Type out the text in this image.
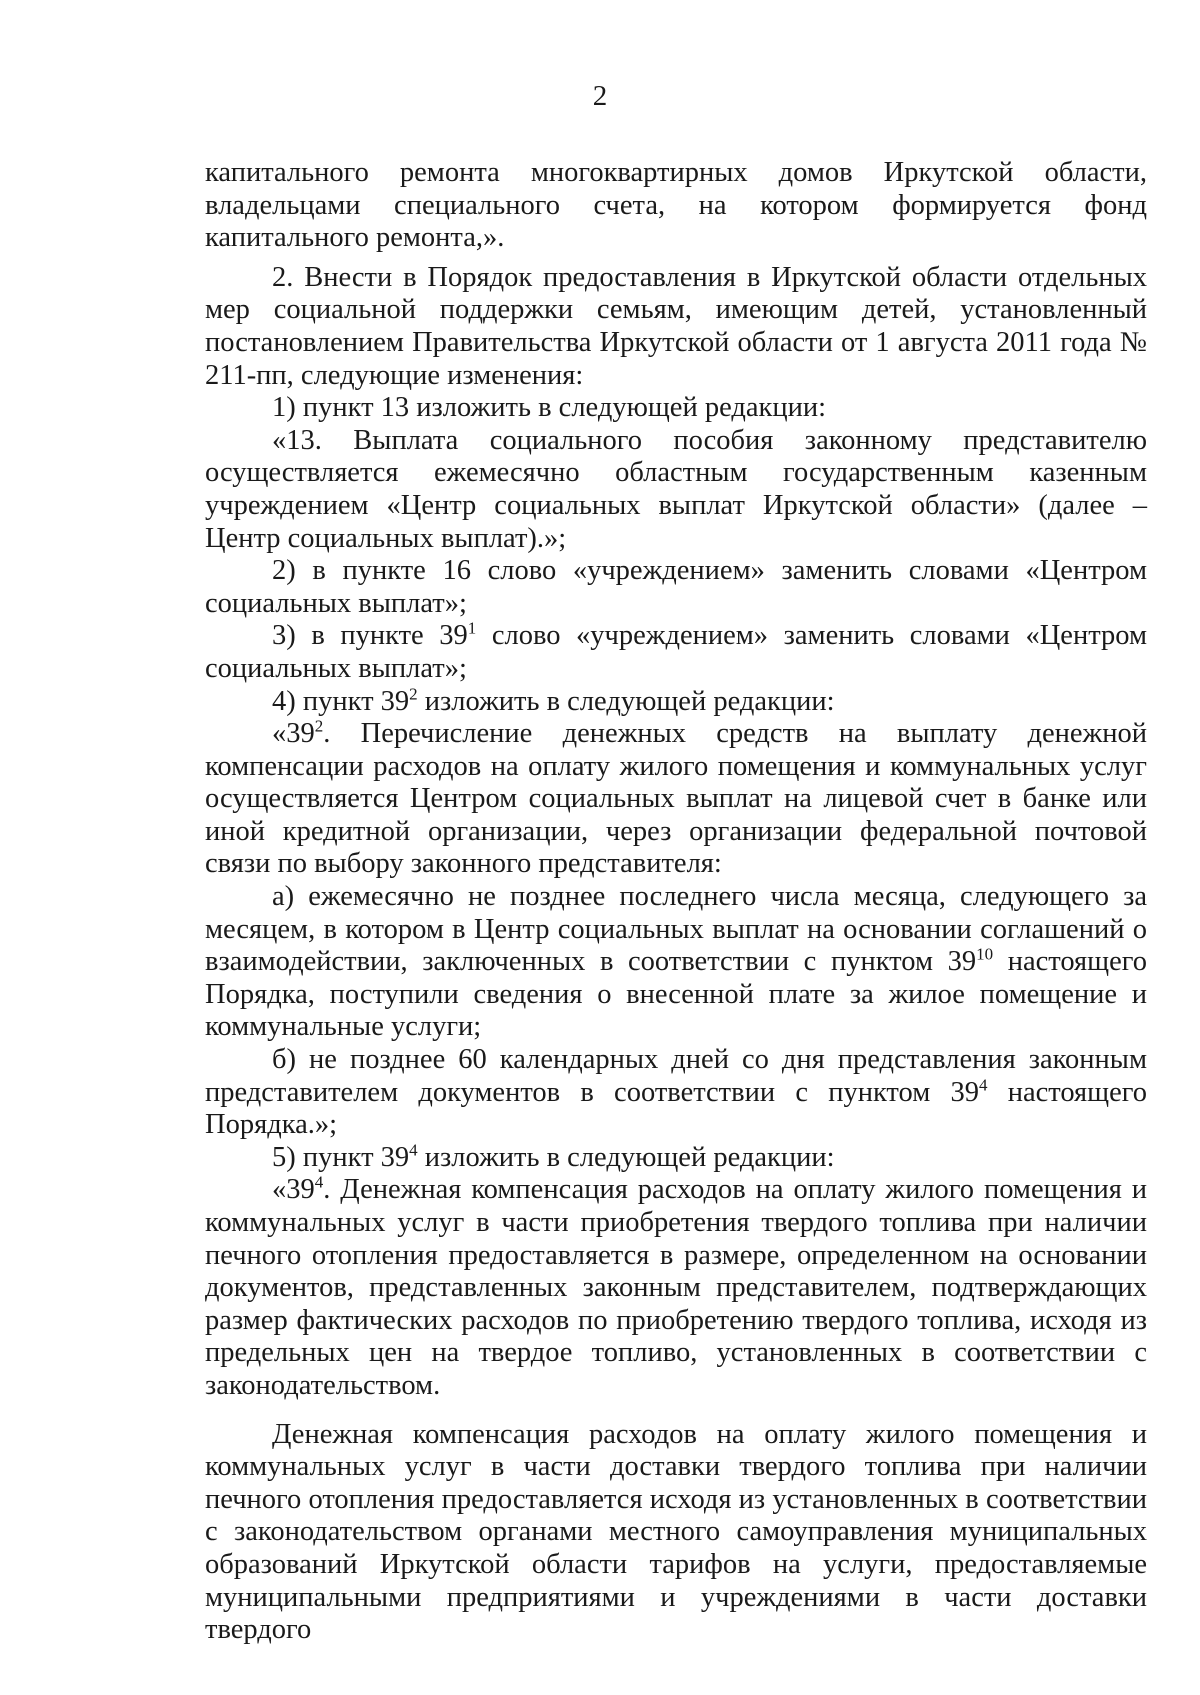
2

капитального ремонта многоквартирных домов Иркутской области, владельцами специального счета, на котором формируется фонд капитального ремонта,».

2. Внести в Порядок предоставления в Иркутской области отдельных мер социальной поддержки семьям, имеющим детей, установленный постановлением Правительства Иркутской области от 1 августа 2011 года № 211-пп, следующие изменения:

1) пункт 13 изложить в следующей редакции:

«13. Выплата социального пособия законному представителю осуществляется ежемесячно областным государственным казенным учреждением «Центр социальных выплат Иркутской области» (далее – Центр социальных выплат).»;

2) в пункте 16 слово «учреждением» заменить словами «Центром социальных выплат»;

3) в пункте $39^1$ слово «учреждением» заменить словами «Центром социальных выплат»;

4) пункт $39^2$ изложить в следующей редакции:

«$39^2$. Перечисление денежных средств на выплату денежной компенсации расходов на оплату жилого помещения и коммунальных услуг осуществляется Центром социальных выплат на лицевой счет в банке или иной кредитной организации, через организации федеральной почтовой связи по выбору законного представителя:

а) ежемесячно не позднее последнего числа месяца, следующего за месяцем, в котором в Центр социальных выплат на основании соглашений о взаимодействии, заключенных в соответствии с пунктом $39^{10}$ настоящего Порядка, поступили сведения о внесенной плате за жилое помещение и коммунальные услуги;

б) не позднее 60 календарных дней со дня представления законным представителем документов в соответствии с пунктом $39^4$ настоящего Порядка.»;

5) пункт $39^4$ изложить в следующей редакции:

«$39^4$. Денежная компенсация расходов на оплату жилого помещения и коммунальных услуг в части приобретения твердого топлива при наличии печного отопления предоставляется в размере, определенном на основании документов, представленных законным представителем, подтверждающих размер фактических расходов по приобретению твердого топлива, исходя из предельных цен на твердое топливо, установленных в соответствии с законодательством.

Денежная компенсация расходов на оплату жилого помещения и коммунальных услуг в части доставки твердого топлива при наличии печного отопления предоставляется исходя из установленных в соответствии с законодательством органами местного самоуправления муниципальных образований Иркутской области тарифов на услуги, предоставляемые муниципальными предприятиями и учреждениями в части доставки твердого
